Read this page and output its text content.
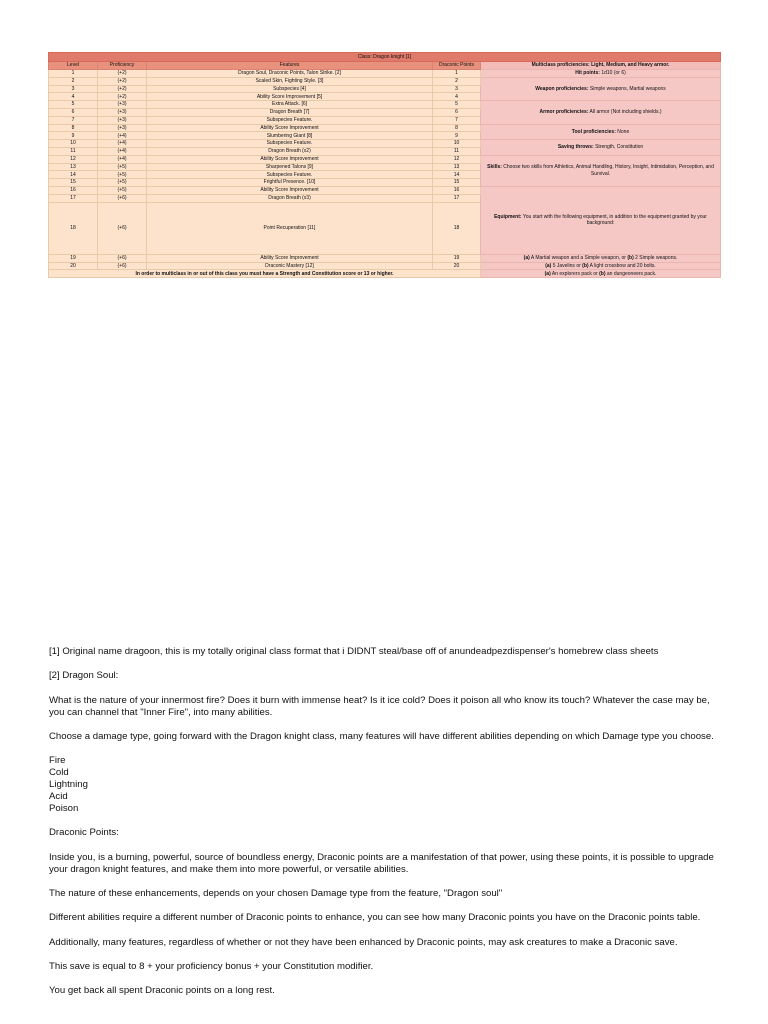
Class: Dragon knight [1]					
Level	Proficiency	Features	Draconic Points	Multiclass proficiencies: Light, Medium, and Heavy armor.	
1	(+2)	Dragon Soul, Draconic Points, Talon Strike. [2]	1	Hit points: 1d10 (or 6)	
2	(+2)	Scaled Skin, Fighting Style. [3]	2	Weapon proficiencies: Simple weapons, Martial weapons	
3	(+2)	Subspecies [4]	3		
4	(+2)	Ability Score Improvement [5]	4		
5	(+3)	Extra Attack. [6]	5	Armor proficiencies: All armor (Not including shields.)	
6	(+3)	Dragon Breath [7]	6		
7	(+3)	Subspecies Feature.	7		
8	(+3)	Ability Score Improvement	8	Tool proficiencies: None	
9	(+4)	Slumbering Giant [8]	9		
10	(+4)	Subspecies Feature.	10	Saving throws: Strength, Constitution	
11	(+4)	Dragon Breath (x2)	11		
12	(+4)	Ability Score Improvement	12	Skills: Choose two skills from Athletics, Animal Handling, History, Insight, Intimidation, Perception, and Survival.	
13	(+5)	Sharpened Talons [9]	13		
14	(+5)	Subspecies Feature.	14		
15	(+5)	Frightful Presence. [10]	15		
16	(+5)	Ability Score Improvement	16	Equipment: You start with the following equipment, in addition to the equipment granted by your background:	
17	(+6)	Dragon Breath (x3)	17		
18	(+6)	Point Recuperation [11]	18	
19	(+6)	Ability Score Improvement	19	(a) A Martial weapon and a Simple weapon, or (b) 2 Simple weapons.	
20	(+6)	Draconic Mastery [12]	20	(a) 5 Javelins or (b) A light crossbow and 20 bolts.	
In order to multiclass in or out of this class you must have a Strength and Constitution score or 13 or higher.				(a) An explorers pack or (b) an dungeoneers pack.	

[1] Original name dragoon, this is my totally original class format that i DIDNT steal/base off of anundeadpezdispenser's homebrew class sheets

[2] Dragon Soul:

What is the nature of your innermost fire? Does it burn with immense heat? Is it ice cold? Does it poison all who know its touch? Whatever the case may be, you can channel that "Inner Fire", into many abilities.

Choose a damage type, going forward with the Dragon knight class, many features will have different abilities depending on which Damage type you choose.

Fire

Cold

Lightning

Acid

Poison

Draconic Points:

Inside you, is a burning, powerful, source of boundless energy, Draconic points are a manifestation of that power, using these points, it is possible to upgrade your dragon knight features, and make them into more powerful, or versatile abilities.

The nature of these enhancements, depends on your chosen Damage type from the feature, "Dragon soul"

Different abilities require a different number of Draconic points to enhance, you can see how many Draconic points you have on the Draconic points table.

Additionally, many features, regardless of whether or not they have been enhanced by Draconic points, may ask creatures to make a Draconic save.

This save is equal to 8 + your proficiency bonus + your Constitution modifier.

You get back all spent Draconic points on a long rest.
